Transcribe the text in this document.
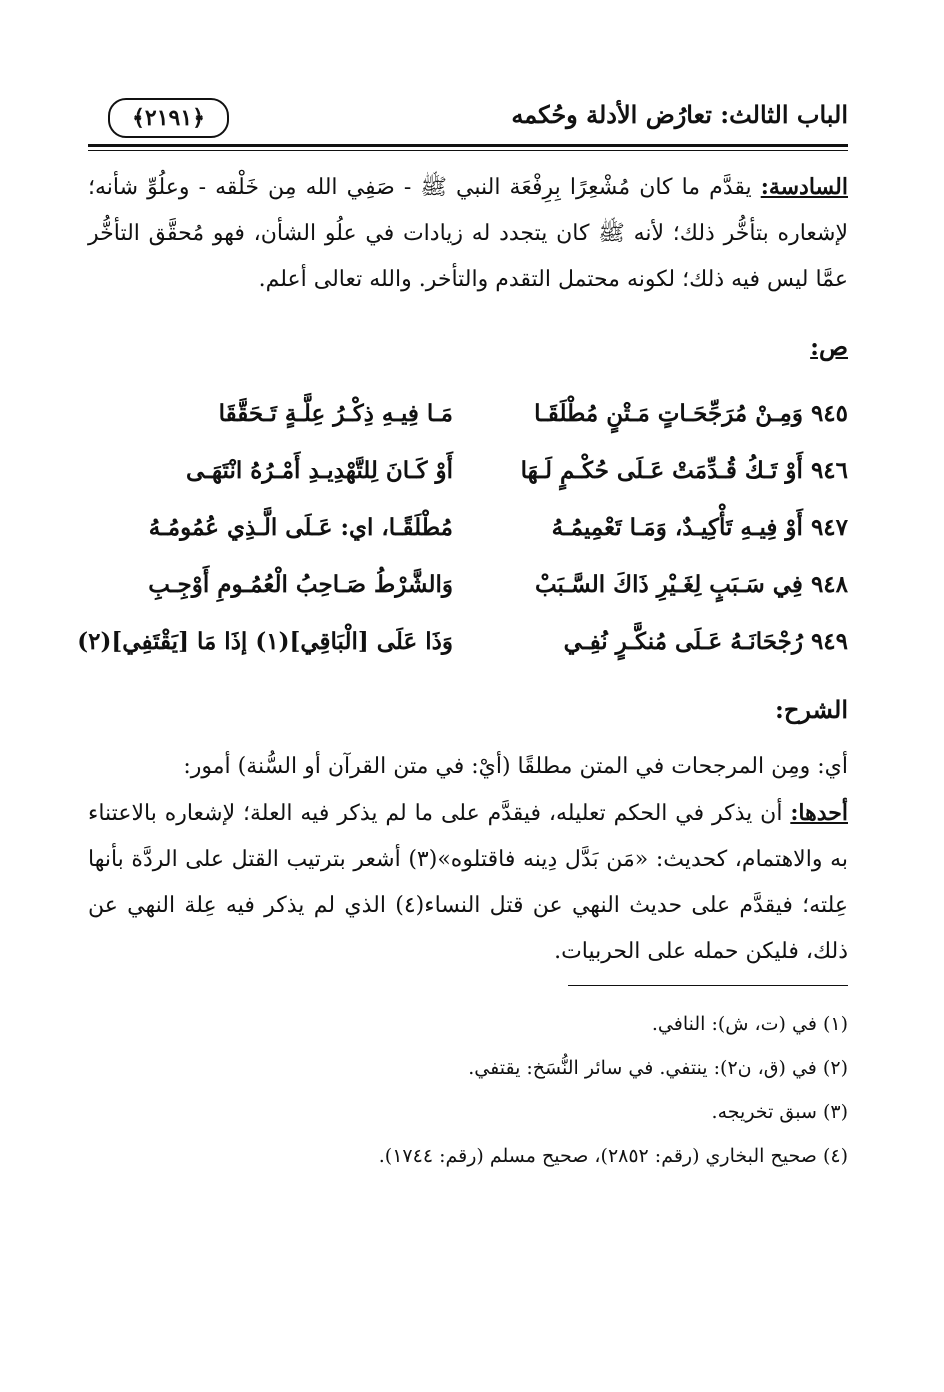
الباب الثالث: تعارُض الأدلة وحُكمه
﴿٢١٩١﴾

السادسة: يقدَّم ما كان مُشْعِرًا بِرِفْعَة النبي ﷺ - صَفِي الله مِن خَلْقه - وعلُوِّ شأنه؛ لإشعاره بتأخُّر ذلك؛ لأنه ﷺ كان يتجدد له زيادات في علُو الشأن، فهو مُحقَّق التأخُّر عمَّا ليس فيه ذلك؛ لكونه محتمل التقدم والتأخر. والله تعالى أعلم.

ص:
٩٤٥ وَمِـنْ مُرَجِّحَـاتٍ مَـتْنٍ مُطْلَقَـا
مَـا فِيـهِ ذِكْـرُ عِلَّـةٍ تَـحَقَّقَا
٩٤٦ أَوْ تَـكُ قُـدِّمَتْ عَـلَى حُكْـمٍ لَـهَا
أَوْ كَـانَ لِلتَّهْدِيـدِ أَمْـرُهُ انْتَهَـى
٩٤٧ أَوْ فِيـهِ تَأْكِيـدٌ، وَمَـا تَعْمِيمُـهُ
مُطْلَقًـا، اي: عَـلَى الَّـذِي عُمُومُـهُ
٩٤٨ فِي سَـبَبٍ لِغَـيْرِ ذَاكَ السَّـبَبْ
وَالشَّرْطُ صَـاحِبُ الْعُمُـومِ أَوْجِـبِ
٩٤٩ رُجْحَانَـهُ عَـلَى مُنكَّـرٍ نُفِـي
وَذَا عَلَى [الْبَاقِي](١) إذَا مَا [يَقْتَفِي](٢)
الشرح:

أي: ومِن المرجحات في المتن مطلقًا (أيْ: في متن القرآن أو السُّنة) أمور:

أحدها: أن يذكر في الحكم تعليله، فيقدَّم على ما لم يذكر فيه العلة؛ لإشعاره بالاعتناء به والاهتمام، كحديث: «مَن بَدَّل دِينه فاقتلوه»(٣) أشعر بترتيب القتل على الردَّة بأنها عِلته؛ فيقدَّم على حديث النهي عن قتل النساء(٤) الذي لم يذكر فيه عِلة النهي عن ذلك، فليكن حمله على الحربيات.

(١) في (ت، ش): النافي.
(٢) في (ق، ن٢): ينتفي. في سائر النُّسَخ: يقتفي.
(٣) سبق تخريجه.
(٤) صحيح البخاري (رقم: ٢٨٥٢)، صحيح مسلم (رقم: ١٧٤٤).
